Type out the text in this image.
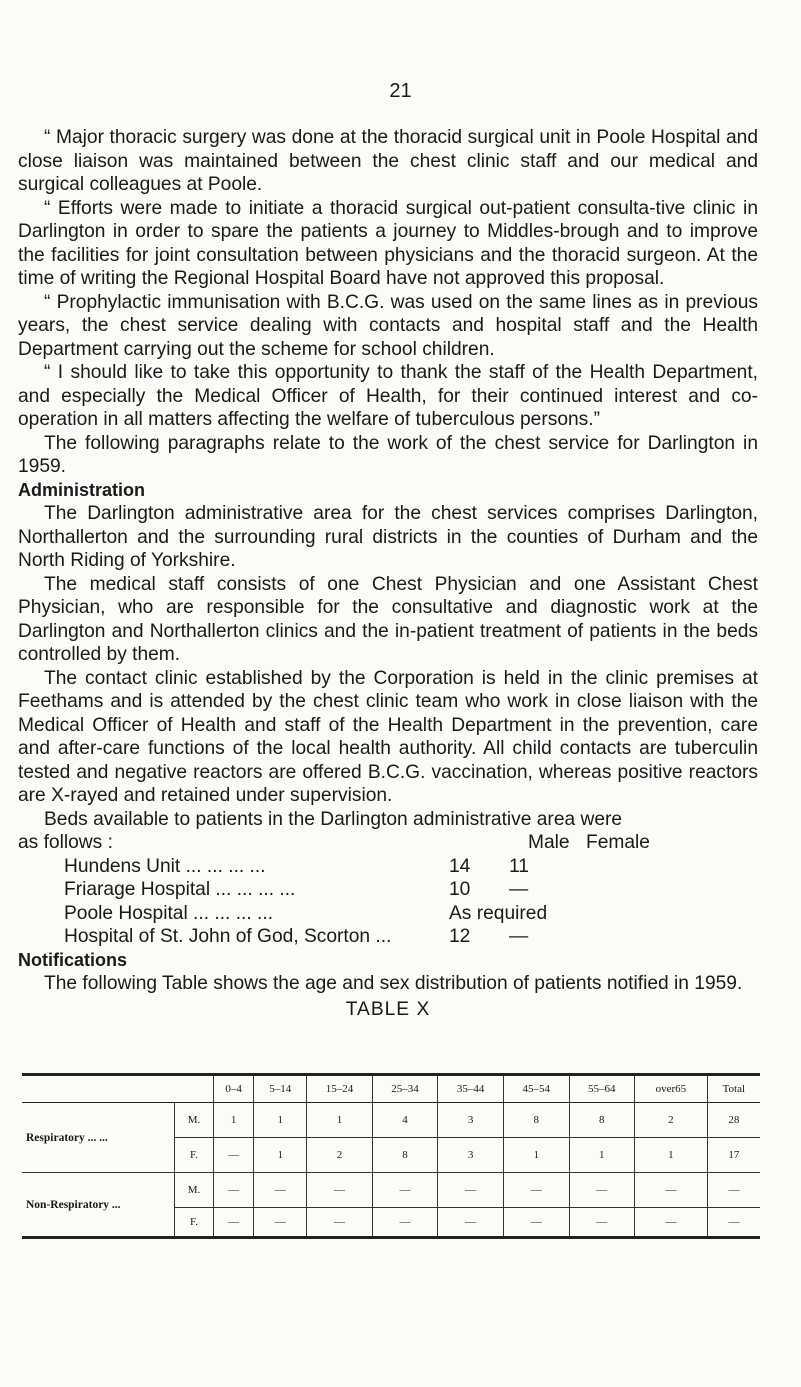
21

“ Major thoracic surgery was done at the thoracid surgical unit in Poole Hospital and close liaison was maintained between the chest clinic staff and our medical and surgical colleagues at Poole.

“ Efforts were made to initiate a thoracid surgical out-patient consulta-tive clinic in Darlington in order to spare the patients a journey to Middles-brough and to improve the facilities for joint consultation between physicians and the thoracid surgeon. At the time of writing the Regional Hospital Board have not approved this proposal.

“ Prophylactic immunisation with B.C.G. was used on the same lines as in previous years, the chest service dealing with contacts and hospital staff and the Health Department carrying out the scheme for school children.

“ I should like to take this opportunity to thank the staff of the Health Department, and especially the Medical Officer of Health, for their continued interest and co-operation in all matters affecting the welfare of tuberculous persons.”

The following paragraphs relate to the work of the chest service for Darlington in 1959.

Administration

The Darlington administrative area for the chest services comprises Darlington, Northallerton and the surrounding rural districts in the counties of Durham and the North Riding of Yorkshire.

The medical staff consists of one Chest Physician and one Assistant Chest Physician, who are responsible for the consultative and diagnostic work at the Darlington and Northallerton clinics and the in-patient treatment of patients in the beds controlled by them.

The contact clinic established by the Corporation is held in the clinic premises at Feethams and is attended by the chest clinic team who work in close liaison with the Medical Officer of Health and staff of the Health Department in the prevention, care and after-care functions of the local health authority. All child contacts are tuberculin tested and negative reactors are offered B.C.G. vaccination, whereas positive reactors are X-rayed and retained under supervision.

Beds available to patients in the Darlington administrative area were

as follows :	Male Female
Hundens Unit ... ... ... ...	14	11
Friarage Hospital ... ... ... ...	10	—
Poole Hospital ... ... ... ...	As required
Hospital of St. John of God, Scorton ...	12	—

Notifications

The following Table shows the age and sex distribution of patients notified in 1959.

TABLE X
		0–4	5–14	15–24	25–34	35–44	45–54	55–64	over65	Total
Respiratory ... ...	M.	1	1	1	4	3	8	8	2	28
	F.	—	1	2	8	3	1	1	1	17
Non-Respiratory ...	M.	—	—	—	—	—	—	—	—	—
	F.	—	—	—	—	—	—	—	—	—
